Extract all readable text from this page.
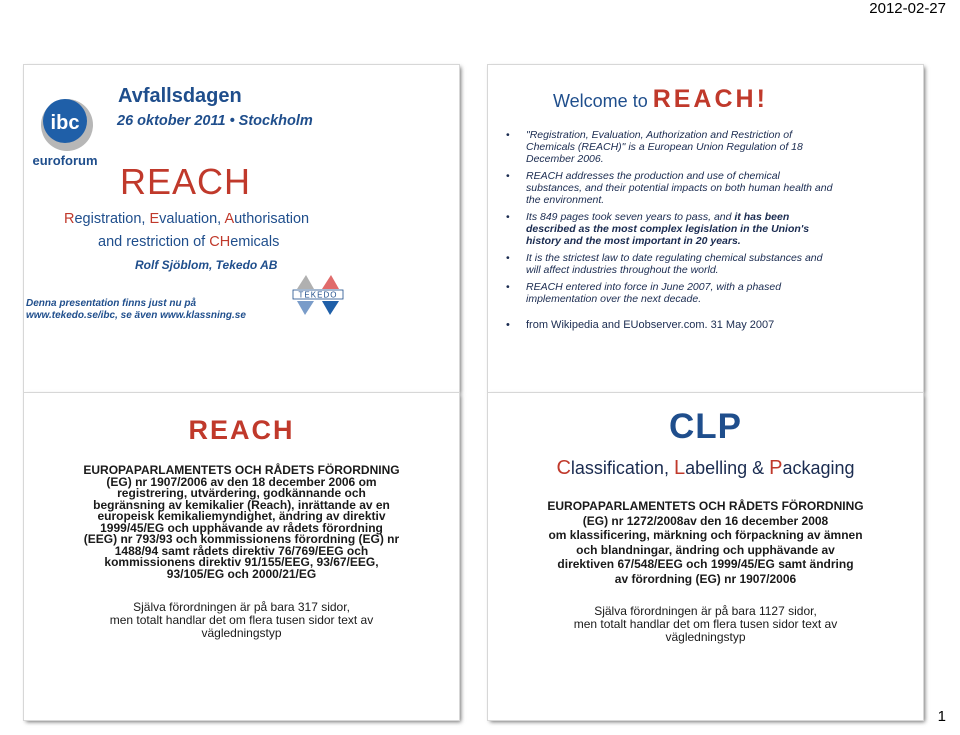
2012-02-27
ibc
euroforum
Avfallsdagen
26 oktober 2011 • Stockholm
REACH
Registration, Evaluation, Authorisation
and restriction of CHemicals
Rolf Sjöblom, Tekedo AB
Denna presentation finns just nu på
www.tekedo.se/ibc, se även www.klassning.se
TEKEDO
Welcome to REACH!
• "Registration, Evaluation, Authorization and Restriction of Chemicals (REACH)" is a European Union Regulation of 18 December 2006.
• REACH addresses the production and use of chemical substances, and their potential impacts on both human health and the environment.
• Its 849 pages took seven years to pass, and it has been described as the most complex legislation in the Union's history and the most important in 20 years.
• It is the strictest law to date regulating chemical substances and will affect industries throughout the world.
• REACH entered into force in June 2007, with a phased implementation over the next decade.
• from Wikipedia and EUobserver.com. 31 May 2007
REACH
EUROPAPARLAMENTETS OCH RÅDETS FÖRORDNING
(EG) nr 1907/2006 av den 18 december 2006 om
registrering, utvärdering, godkännande och
begränsning av kemikalier (Reach), inrättande av en
europeisk kemikaliemyndighet, ändring av direktiv
1999/45/EG och upphävande av rådets förordning
(EEG) nr 793/93 och kommissionens förordning (EG) nr
1488/94 samt rådets direktiv 76/769/EEG och
kommissionens direktiv 91/155/EEG, 93/67/EEG,
93/105/EG och 2000/21/EG
Själva förordningen är på bara 317 sidor,
men totalt handlar det om flera tusen sidor text av
vägledningstyp
CLP
Classification, Labelling & Packaging
EUROPAPARLAMENTETS OCH RÅDETS FÖRORDNING
(EG) nr 1272/2008av den 16 december 2008
om klassificering, märkning och förpackning av ämnen
och blandningar, ändring och upphävande av
direktiven 67/548/EEG och 1999/45/EG samt ändring
av förordning (EG) nr 1907/2006
Själva förordningen är på bara 1127 sidor,
men totalt handlar det om flera tusen sidor text av
vägledningstyp
1
